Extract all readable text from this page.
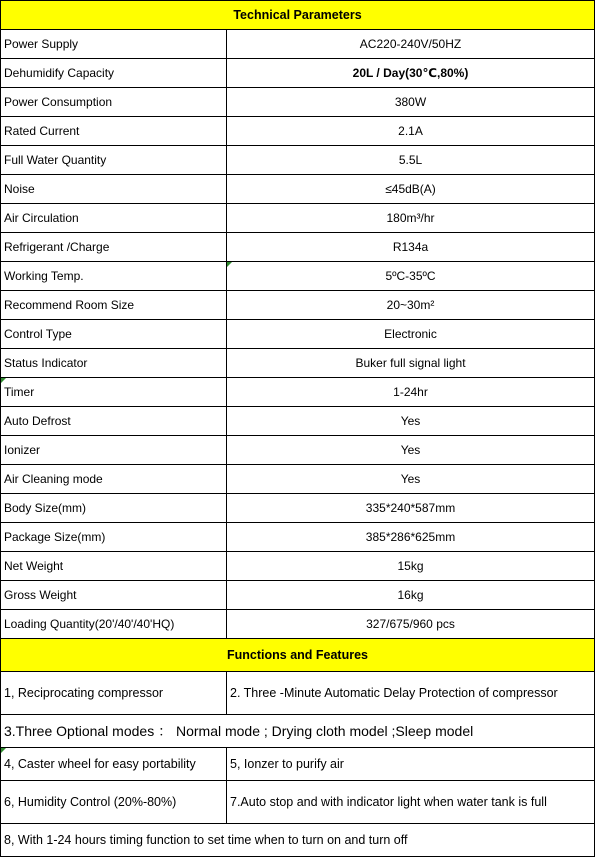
Technical Parameters	
Power Supply	AC220-240V/50HZ
Dehumidify Capacity	20L / Day(30℃,80%)
Power Consumption	380W
Rated Current	2.1A
Full Water Quantity	5.5L
Noise	≤45dB(A)
Air Circulation	180m³/hr
Refrigerant /Charge	R134a
Working Temp.	5ºC-35ºC
Recommend Room Size	20~30m²
Control Type	Electronic
Status Indicator	Buker full signal light
Timer	1-24hr
Auto Defrost	Yes
Ionizer	Yes
Air Cleaning mode	Yes
Body Size(mm)	335*240*587mm
Package Size(mm)	385*286*625mm
Net Weight	15kg
Gross Weight	16kg
Loading Quantity(20'/40'/40'HQ)	327/675/960 pcs
Functions and Features	
1, Reciprocating compressor	2. Three -Minute Automatic Delay Protection of compressor
3.Three Optional modes ： Normal mode ; Drying cloth model ;Sleep model	
4, Caster wheel for easy portability	5, Ionzer to purify air
6, Humidity Control (20%-80%)	7.Auto stop and with indicator light when water tank is full
8, With 1-24 hours timing function to set time when to turn on and turn off	
